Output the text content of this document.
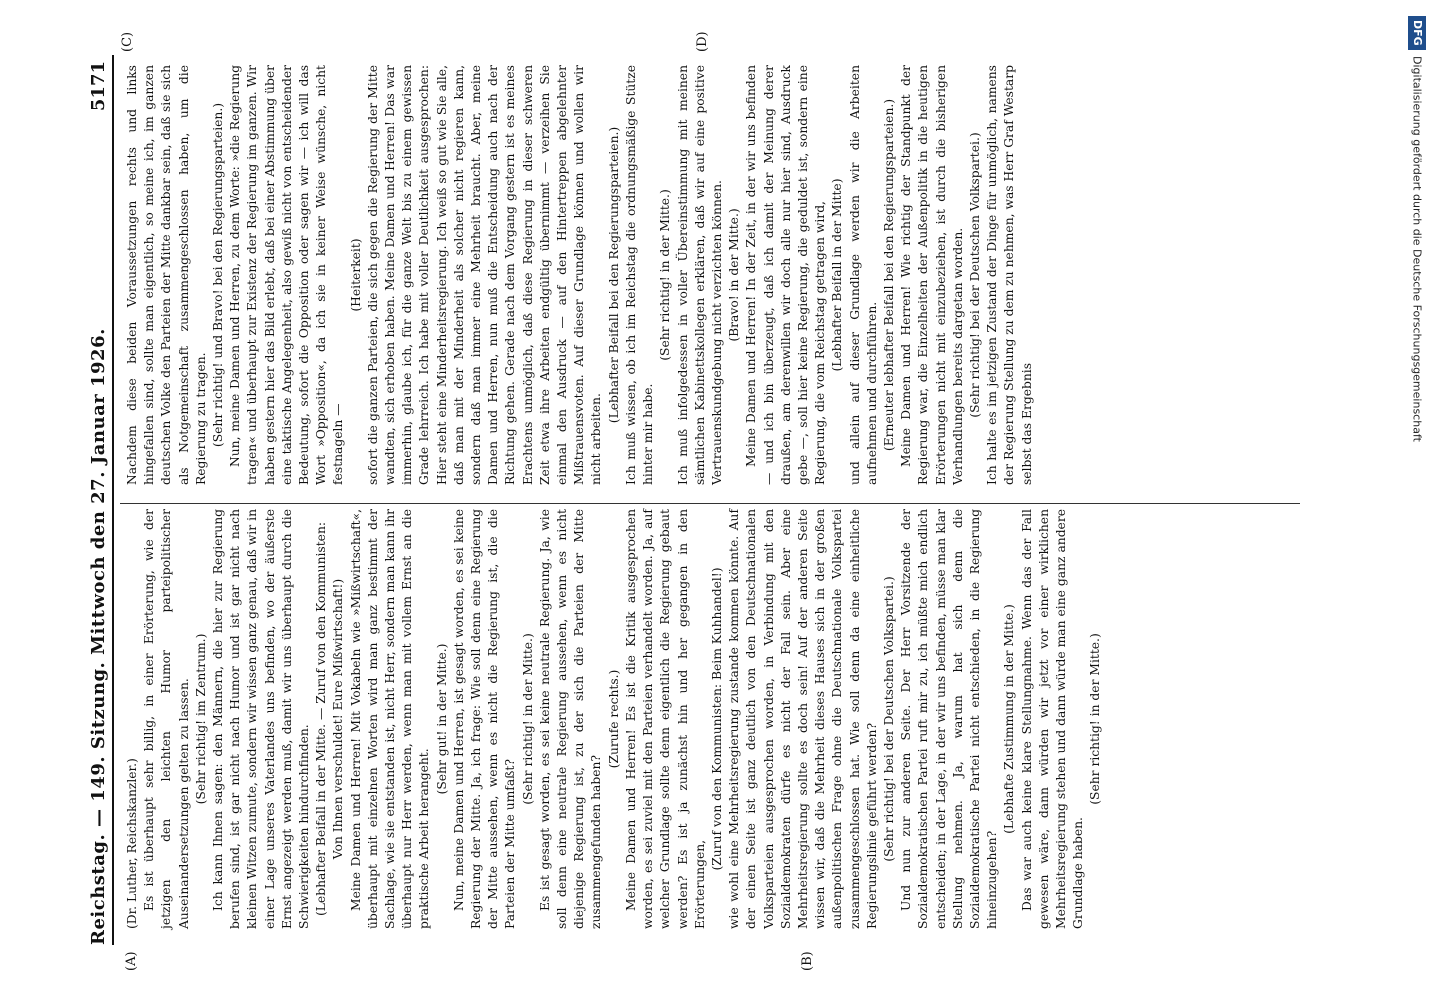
DFG
Digitalisierung gefördert durch die Deutsche Forschungsgemeinschaft
Reichstag. — 149. Sitzung. Mittwoch den 27. Januar 1926.
5171
(A)	(B)
(C)	(D)

(Dr. Luther, Reichskanzler.) Es ist überhaupt sehr billig, in einer Erörterung, wie der jetzigen den leichten Humor parteipolitischer Auseinandersetzungen gelten zu lassen. (Sehr richtig! im Zentrum.) Ich kann Ihnen sagen: den Männern, die hier zur Regierung berufen sind, ist gar nicht nach Humor und ist gar nicht nach kleinen Witzen zumute, sondern wir wissen ganz genau, daß wir in einer Lage unseres Vaterlandes uns befinden, wo der äußerste Ernst angezeigt werden muß, damit wir uns überhaupt durch die Schwierigkeiten hindurchfinden. (Lebhafter Beifall in der Mitte. — Zuruf von den Kommunisten: Von Ihnen verschuldet! Eure Mißwirtschaft!) Meine Damen und Herren! Mit Vokabeln wie »Mißwirtschaft«, überhaupt mit einzelnen Worten wird man ganz bestimmt der Sachlage, wie sie entstanden ist, nicht Herr, sondern man kann ihr überhaupt nur Herr werden, wenn man mit vollem Ernst an die praktische Arbeit herangeht.

(Sehr gut! in der Mitte.) Nun, meine Damen und Herren, ist gesagt worden, es sei keine Regierung der Mitte. Ja, ich frage: Wie soll denn eine Regierung der Mitte aussehen, wenn es nicht die Regierung ist, die die Parteien der Mitte umfaßt?

(Sehr richtig! in der Mitte.) Es ist gesagt worden, es sei keine neutrale Regierung. Ja, wie soll denn eine neutrale Regierung aussehen, wenn es nicht diejenige Regierung ist, zu der sich die Parteien der Mitte zusammengefunden haben?

(Zurufe rechts.) Meine Damen und Herren! Es ist die Kritik ausgesprochen worden, es sei zuviel mit den Parteien verhandelt worden. Ja, auf welcher Grundlage sollte denn eigentlich die Regierung gebaut werden? Es ist ja zunächst hin und her gegangen in den Erörterungen,

(Zuruf von den Kommunisten: Beim Kuhhandel!) wie wohl eine Mehrheitsregierung zustande kommen könnte. Auf der einen Seite ist ganz deutlich von den Deutschnationalen Volksparteien ausgesprochen worden, in Verbindung mit den Sozialdemokraten dürfe es nicht der Fall sein. Aber eine Mehrheitsregierung sollte es doch sein! Auf der anderen Seite wissen wir, daß die Mehrheit dieses Hauses sich in der großen außenpolitischen Frage ohne die Deutschnationale Volkspartei zusammengeschlossen hat. Wie soll denn da eine einheitliche Regierungslinie geführt werden? (Sehr richtig! bei der Deutschen Volkspartei.) Und nun zur anderen Seite. Der Herr Vorsitzende der Sozialdemokratischen Partei ruft mir zu, ich müßte mich endlich entscheiden; in der Lage, in der wir uns befinden, müsse man klar Stellung nehmen. Ja, warum hat sich denn die Sozialdemokratische Partei nicht entschieden, in die Regierung hineinzugehen?

(Lebhafte Zustimmung in der Mitte.) Das war auch keine klare Stellungnahme. Wenn das der Fall gewesen wäre, dann würden wir jetzt vor einer wirklichen Mehrheitsregierung stehen und dann würde man eine ganz andere Grundlage haben.

(Sehr richtig! in der Mitte.)

Nachdem diese beiden Voraussetzungen rechts und links hingefallen sind, sollte man eigentlich, so meine ich, im ganzen deutschen Volke den Parteien der Mitte dankbar sein, daß sie sich als Notgemeinschaft zusammengeschlossen haben, um die Regierung zu tragen. (Sehr richtig! und Bravo! bei den Regierungsparteien.) Nun, meine Damen und Herren, zu dem Worte: »die Regierung tragen« und überhaupt zur Existenz der Regierung im ganzen. Wir haben gestern hier das Bild erlebt, daß bei einer Abstimmung über eine taktische Angelegenheit, also gewiß nicht von entscheidender Bedeutung, sofort die Opposition oder sagen wir — ich will das Wort »Opposition«, da ich sie in keiner Weise wünsche, nicht festnageln —

(Heiterkeit) sofort die ganzen Parteien, die sich gegen die Regierung der Mitte wandten, sich erhoben haben. Meine Damen und Herren! Das war immerhin, glaube ich, für die ganze Welt bis zu einem gewissen Grade lehrreich. Ich habe mit voller Deutlichkeit ausgesprochen: Hier steht eine Minderheitsregierung. Ich weiß so gut wie Sie alle, daß man mit der Minderheit als solcher nicht regieren kann, sondern daß man immer eine Mehrheit braucht. Aber, meine Damen und Herren, nun muß die Entscheidung auch nach der Richtung gehen. Gerade nach dem Vorgang gestern ist es meines Erachtens unmöglich, daß diese Regierung in dieser schweren Zeit etwa ihre Arbeiten endgültig übernimmt — verzeihen Sie einmal den Ausdruck — auf den Hintertreppen abgelehnter Mißtrauensvoten. Auf dieser Grundlage können und wollen wir nicht arbeiten.

(Lebhafter Beifall bei den Regierungsparteien.) Ich muß wissen, ob ich im Reichstag die ordnungsmäßige Stütze hinter mir habe.

(Sehr richtig! in der Mitte.) Ich muß infolgedessen in voller Übereinstimmung mit meinen sämtlichen Kabinettskollegen erklären, daß wir auf eine positive Vertrauenskundgebung nicht verzichten können. (Bravo! in der Mitte.) Meine Damen und Herren! In der Zeit, in der wir uns befinden — und ich bin überzeugt, daß ich damit der Meinung derer draußen, am derenwillen wir doch alle nur hier sind, Ausdruck gebe —, soll hier keine Regierung, die geduldet ist, sondern eine Regierung, die vom Reichstag getragen wird, (Lebhafter Beifall in der Mitte) und allein auf dieser Grundlage werden wir die Arbeiten aufnehmen und durchführen. (Erneuter lebhafter Beifall bei den Regierungsparteien.) Meine Damen und Herren! Wie richtig der Standpunkt der Regierung war, die Einzelheiten der Außenpolitik in die heutigen Erörterungen nicht mit einzubeziehen, ist durch die bisherigen Verhandlungen bereits dargetan worden. (Sehr richtig! bei der Deutschen Volkspartei.) Ich halte es im jetzigen Zustand der Dinge für unmöglich, namens der Regierung Stellung zu dem zu nehmen, was Herr Graf Westarp selbst das Ergebnis
